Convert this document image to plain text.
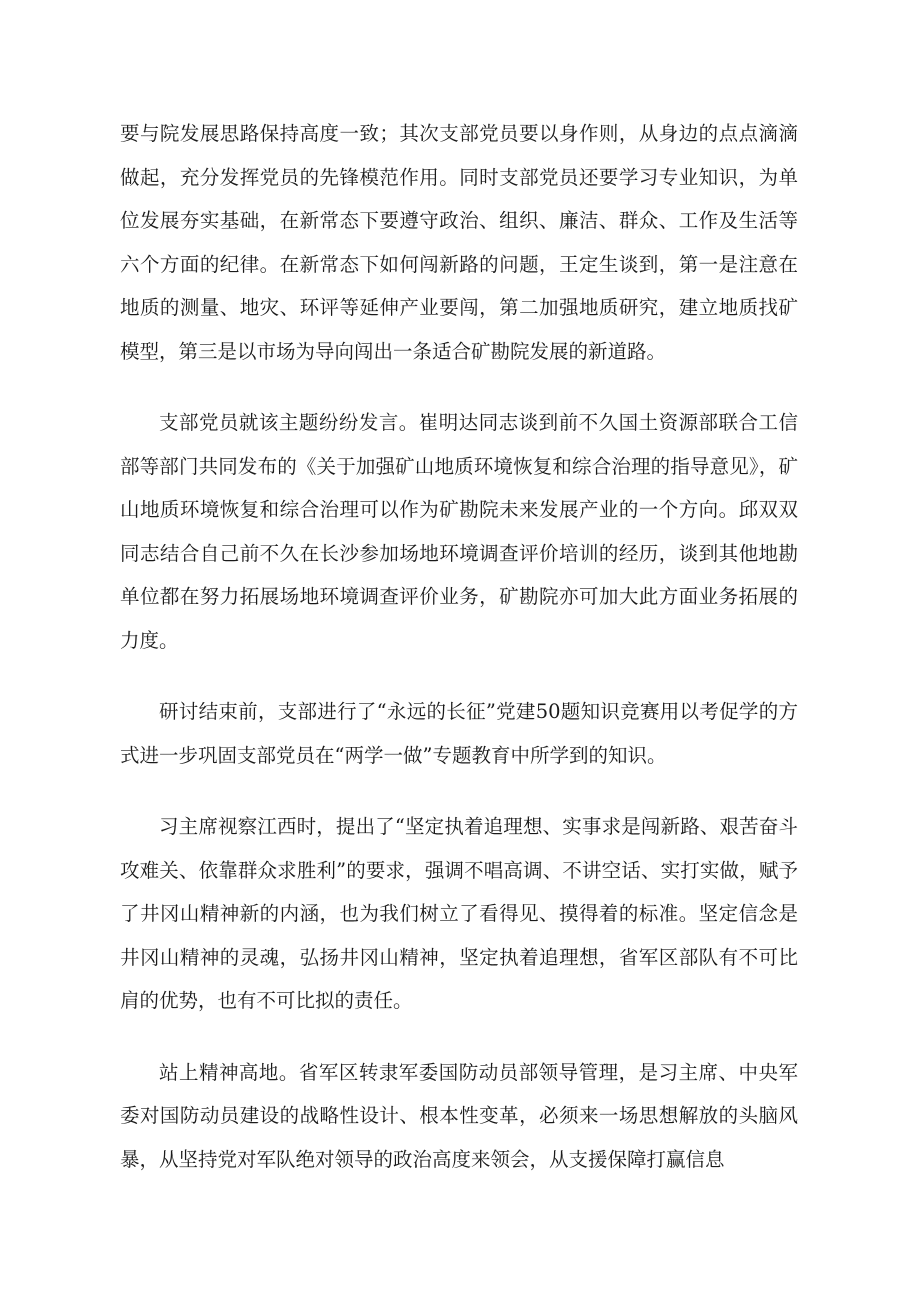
要与院发展思路保持高度一致；其次支部党员要以身作则，从身边的点点滴滴做起，充分发挥党员的先锋模范作用。同时支部党员还要学习专业知识，为单位发展夯实基础，在新常态下要遵守政治、组织、廉洁、群众、工作及生活等六个方面的纪律。在新常态下如何闯新路的问题，王定生谈到，第一是注意在地质的测量、地灾、环评等延伸产业要闯，第二加强地质研究，建立地质找矿模型，第三是以市场为导向闯出一条适合矿勘院发展的新道路。

支部党员就该主题纷纷发言。崔明达同志谈到前不久国土资源部联合工信部等部门共同发布的《关于加强矿山地质环境恢复和综合治理的指导意见》，矿山地质环境恢复和综合治理可以作为矿勘院未来发展产业的一个方向。邱双双同志结合自己前不久在长沙参加场地环境调查评价培训的经历，谈到其他地勘单位都在努力拓展场地环境调查评价业务，矿勘院亦可加大此方面业务拓展的力度。

研讨结束前，支部进行了“永远的长征”党建50题知识竞赛用以考促学的方式进一步巩固支部党员在“两学一做”专题教育中所学到的知识。

习主席视察江西时，提出了“坚定执着追理想、实事求是闯新路、艰苦奋斗攻难关、依靠群众求胜利”的要求，强调不唱高调、不讲空话、实打实做，赋予了井冈山精神新的内涵，也为我们树立了看得见、摸得着的标准。坚定信念是井冈山精神的灵魂，弘扬井冈山精神，坚定执着追理想，省军区部队有不可比肩的优势，也有不可比拟的责任。

站上精神高地。省军区转隶军委国防动员部领导管理，是习主席、中央军委对国防动员建设的战略性设计、根本性变革，必须来一场思想解放的头脑风暴，从坚持党对军队绝对领导的政治高度来领会，从支援保障打赢信息
